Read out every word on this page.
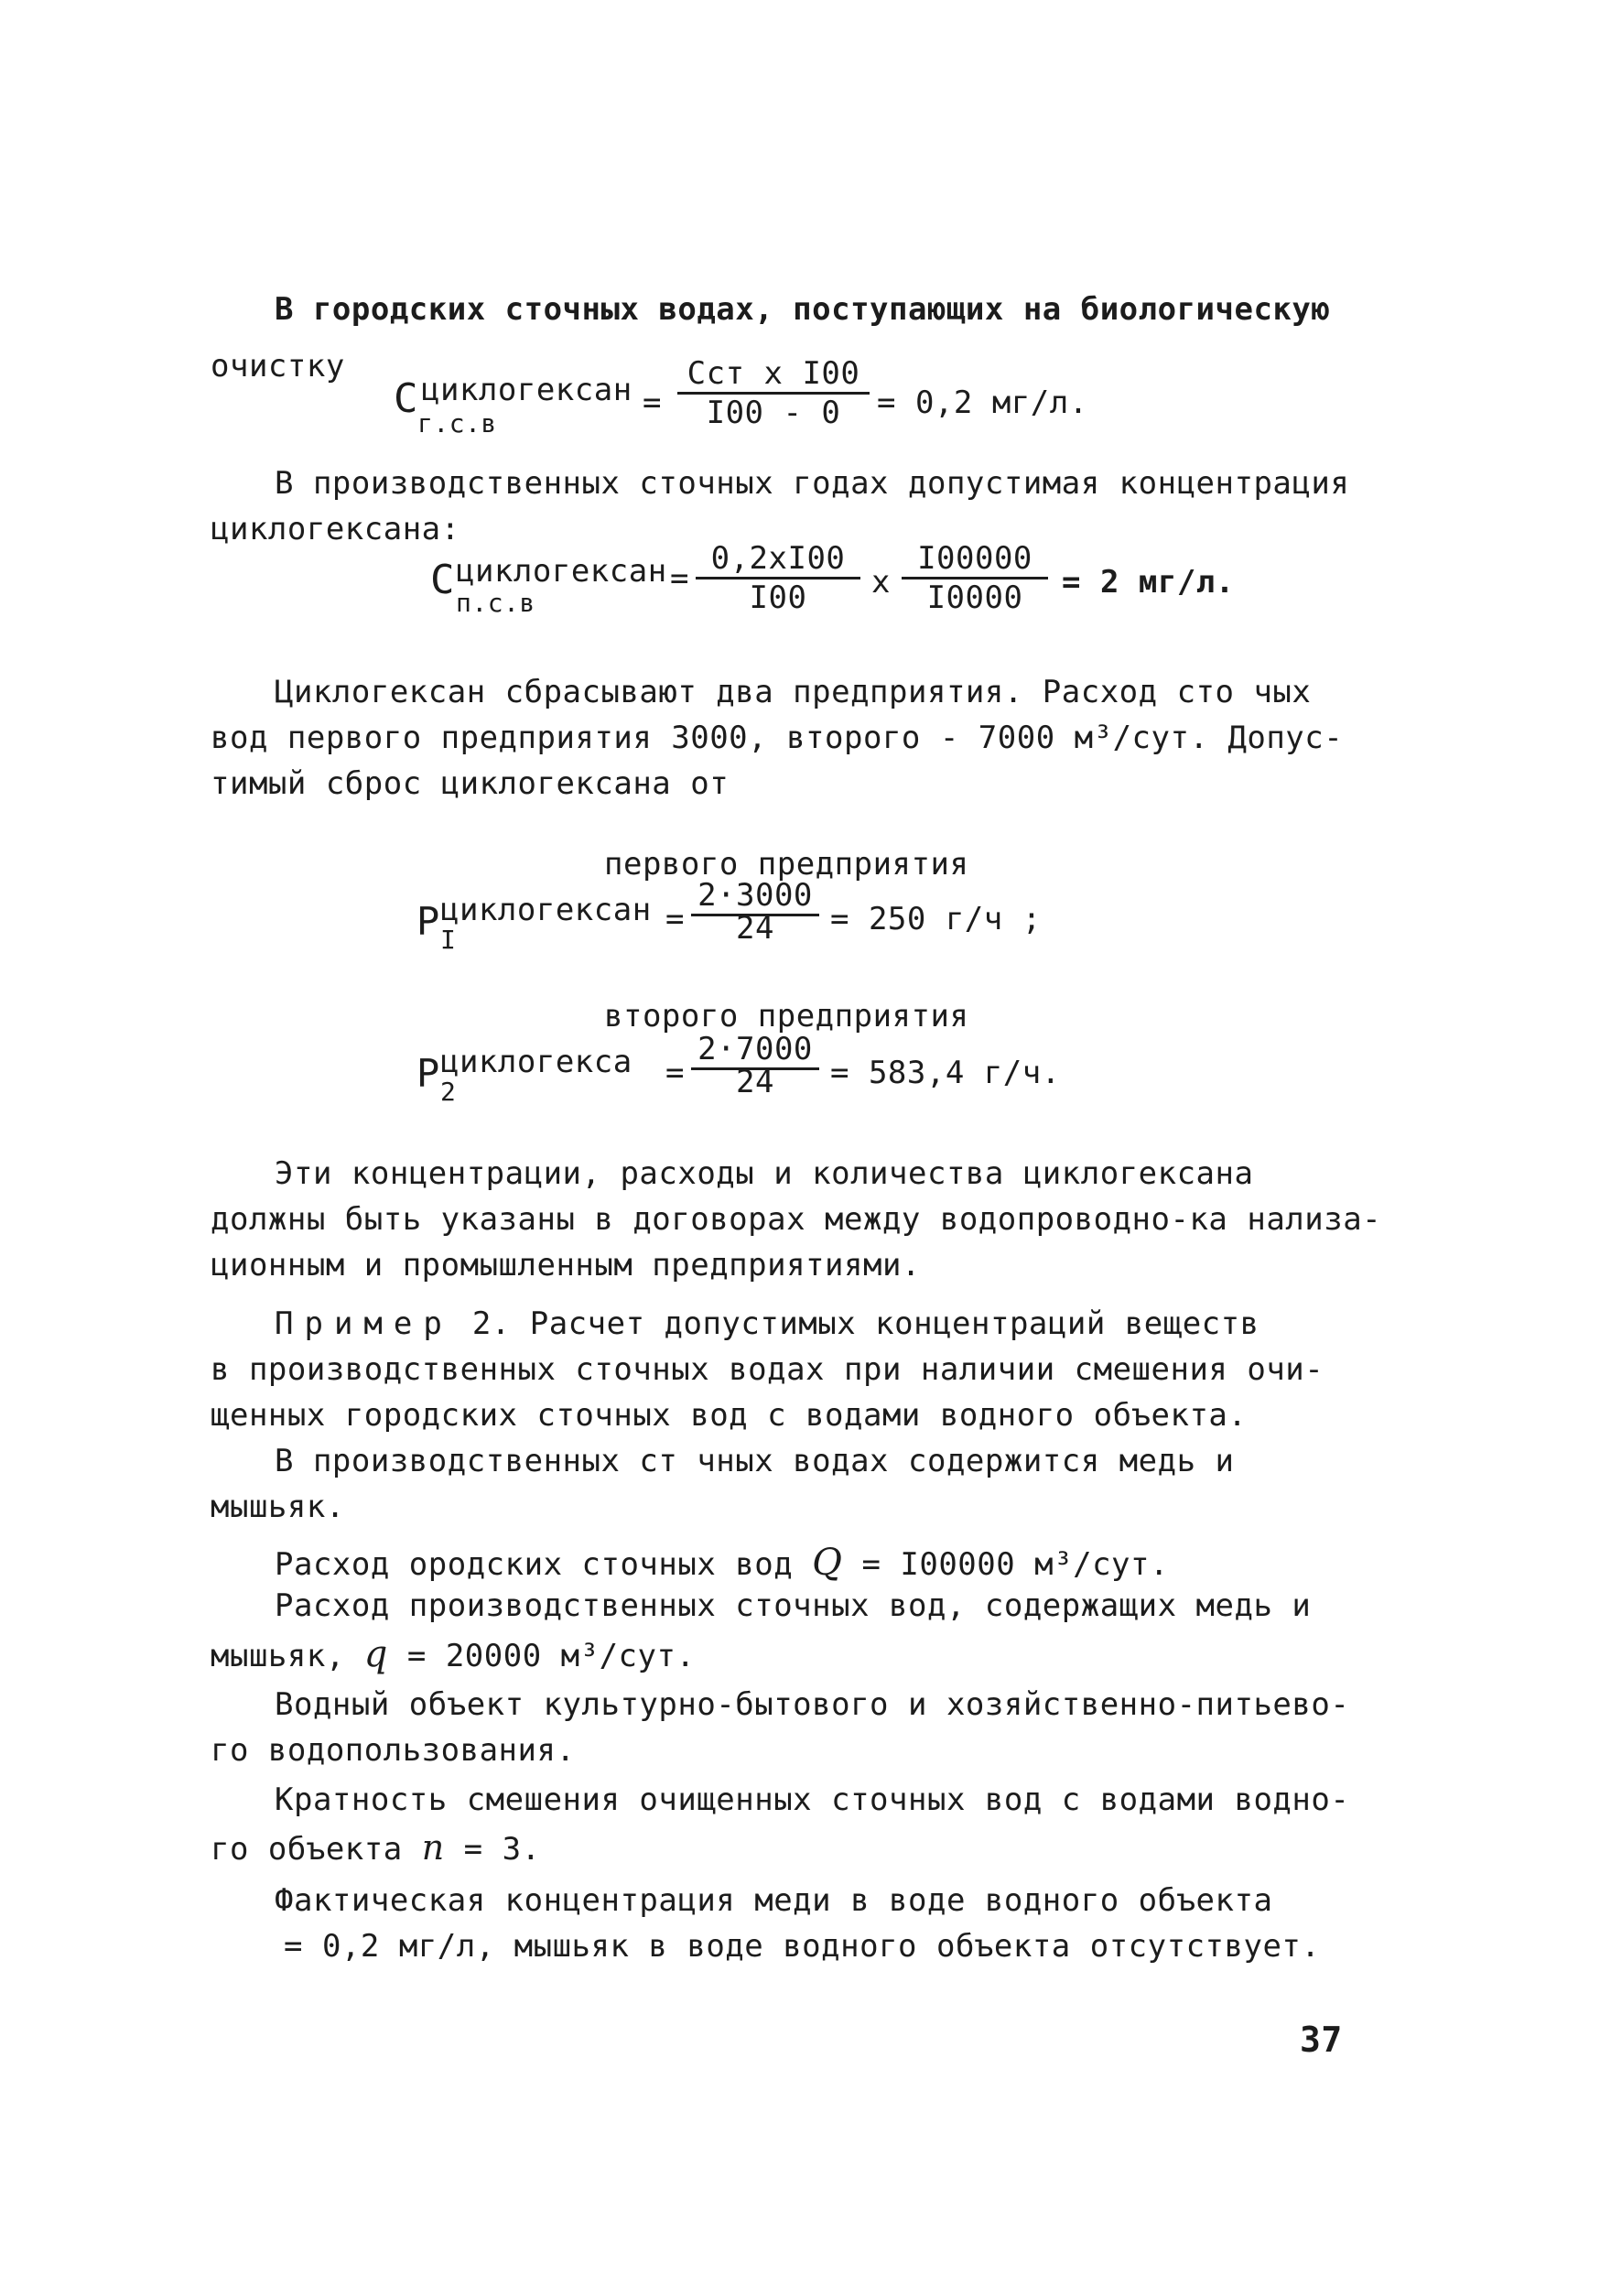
В городских сточных водах, поступающих на биологическую
очистку
C циклогексан
г.с.в
=
Cст x I00
I00 - 0	= 0,2 мг/л.
В производственных сточных годах допустимая концентрация
циклогексана:
C циклогексан
п.с.в
= $\frac{0,2xI00}{I00}$ x $\frac{I00000}{I0000} = 2$ мг/л.
Циклогексан сбрасывают два предприятия. Расход сто чых
вод первого предприятия 3000, второго - 7000 м³/сут. Допус-
тимый сброс циклогексана от
первого предприятия
P циклогексан
I
= $\frac{2\cdot 3000}{24} = 250$ г/ч ;
второго предприятия
P циклогекса
2
= $\frac{2\cdot 7000}{24} = 583,4$ г/ч.
Эти концентрации, расходы и количества циклогексана
должны быть указаны в договорах между водопроводно-ка нализа-
ционным и промышленным предприятиями.
Пример 2. Расчет допустимых концентраций веществ
в производственных сточных водах при наличии смешения очи-
щенных городских сточных вод с водами водного объекта.
В производственных ст чных водах содержится медь и
мышьяк.
Расход ородских сточных вод Q = I00000 м³/сут.
Расход производственных сточных вод, содержащих медь и
мышьяк, q = 20000 м³/сут.
Водный объект культурно-бытового и хозяйственно-питьево-
го водопользования.
Кратность смешения очищенных сточных вод с водами водно-
го объекта n = 3.
Фактическая концентрация меди в воде водного объекта
= 0,2 мг/л, мышьяк в воде водного объекта отсутствует.
37
